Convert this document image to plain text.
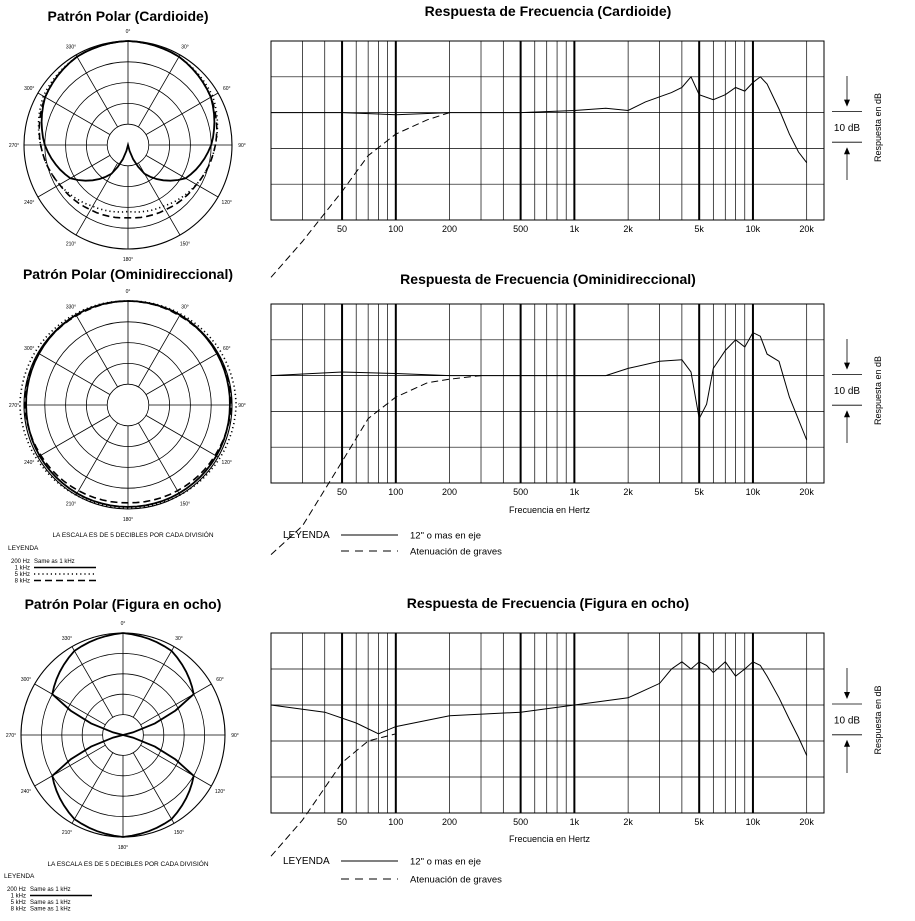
Patrón Polar (Cardioide)
0°
30°
60°
90°
120°
150°
180°
210°
240°
270°
300°
330°
Patrón Polar (Ominidireccional)
0°
30°
60°
90°
120°
150°
180°
210°
240°
270°
300°
330°
LA ESCALA ES DE 5 DECIBLES POR CADA DIVISIÓN
LEYENDA
200 Hz Same as 1 kHz
1 kHz
5 kHz
8 kHz
Patrón Polar (Figura en ocho)
0°
30°
60°
90°
120°
150°
180°
210°
240°
270°
300°
330°
LA ESCALA ES DE 5 DECIBLES POR CADA DIVISIÓN
LEYENDA
200 Hz Same as 1 kHz
1 kHz
5 kHz Same as 1 kHz
8 kHz Same as 1 kHz
Respuesta de Frecuencia (Cardioide)
50	100	200	500	1k	2k	5k	10k	20k
10 dB Respuesta en dB
Respuesta de Frecuencia (Ominidireccional)
50	100	200	500	1k	2k	5k	10k	20k
Frecuencia en Hertz
10 dB Respuesta en dB
LEYENDA	12" o mas en eje
Atenuación de graves
Respuesta de Frecuencia (Figura en ocho)
50	100	200	500	1k	2k	5k	10k	20k
Frecuencia en Hertz
10 dB Respuesta en dB
LEYENDA	12" o mas en eje
Atenuación de graves
